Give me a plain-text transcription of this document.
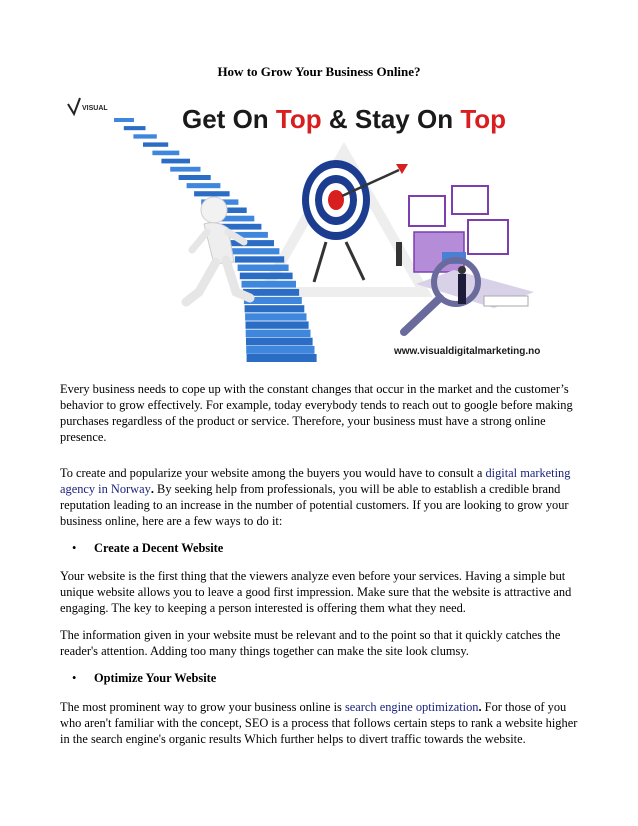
How to Grow Your Business Online?
VISUAL	Get On Top & Stay On Top
www.visualdigitalmarketing.no

Every business needs to cope up with the constant changes that occur in the market and the customer’s behavior to grow effectively. For example, today everybody tends to reach out to google before making purchases regardless of the product or service. Therefore, your business must have a strong online presence.

To create and popularize your website among the buyers you would have to consult a digital marketing agency in Norway. By seeking help from professionals, you will be able to establish a credible brand reputation leading to an increase in the number of potential customers. If you are looking to grow your business online, here are a few ways to do it:

• Create a Decent Website

Your website is the first thing that the viewers analyze even before your services. Having a simple but unique website allows you to leave a good first impression. Make sure that the website is attractive and engaging. The key to keeping a person interested is offering them what they need.

The information given in your website must be relevant and to the point so that it quickly catches the reader's attention. Adding too many things together can make the site look clumsy.

• Optimize Your Website

The most prominent way to grow your business online is search engine optimization. For those of you who aren't familiar with the concept, SEO is a process that follows certain steps to rank a website higher in the search engine's organic results Which further helps to divert traffic towards the website.
